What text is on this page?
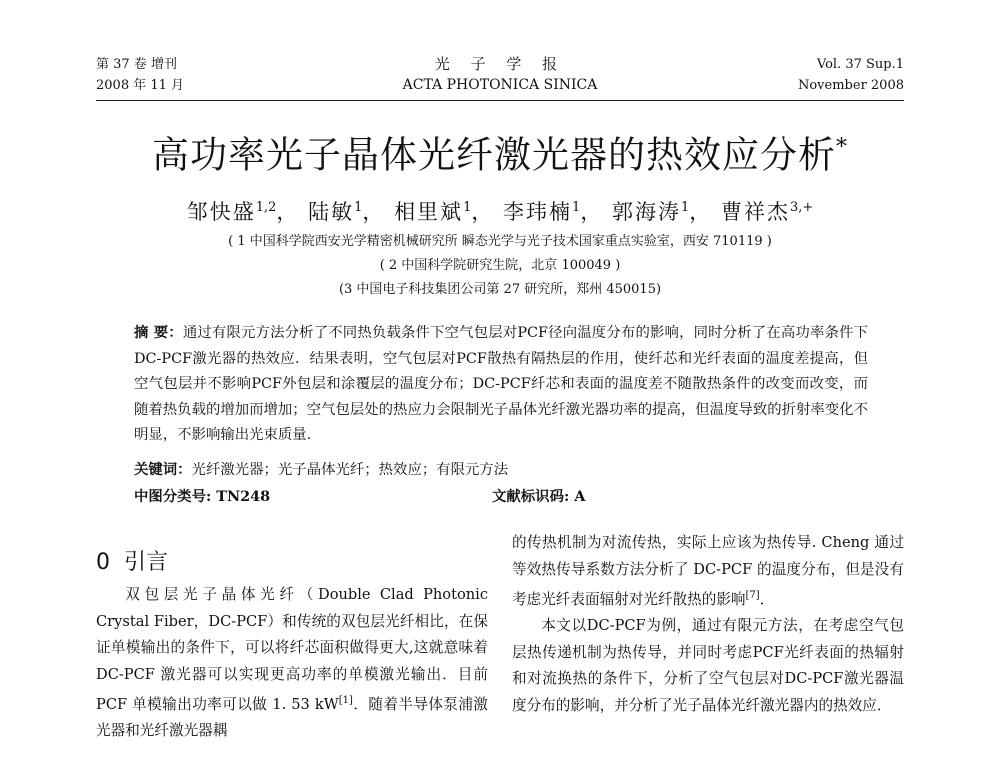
第 37 卷 增刊
2008 年 11 月
光 子 学 报
ACTA PHOTONICA SINICA
Vol. 37 Sup.1
November 2008
高功率光子晶体光纤激光器的热效应分析*
邹快盛$^{1,2}$， 陆敏$^1$， 相里斌$^1$， 李玮楠$^1$， 郭海涛$^1$， 曹祥杰$^{3,+}$
( 1 中国科学院西安光学精密机械研究所 瞬态光学与光子技术国家重点实验室，西安 710119 )
( 2 中国科学院研究生院，北京 100049 )
(3 中国电子科技集团公司第 27 研究所，郑州 450015)
摘 要：通过有限元方法分析了不同热负载条件下空气包层对PCF径向温度分布的影响，同时分析了在高功率条件下DC-PCF激光器的热效应．结果表明，空气包层对PCF散热有隔热层的作用，使纤芯和光纤表面的温度差提高，但空气包层并不影响PCF外包层和涂覆层的温度分布；DC-PCF纤芯和表面的温度差不随散热条件的改变而改变，而随着热负载的增加而增加；空气包层处的热应力会限制光子晶体光纤激光器功率的提高，但温度导致的折射率变化不明显，不影响输出光束质量．
关键词：光纤激光器；光子晶体光纤；热效应；有限元方法
中图分类号: TN248	文献标识码: A
0 引言

双包层光子晶体光纤（Double Clad Photonic Crystal Fiber，DC-PCF）和传统的双包层光纤相比，在保证单模输出的条件下，可以将纤芯面积做得更大,这就意味着 DC-PCF 激光器可以实现更高功率的单模激光输出．目前 PCF 单模输出功率可以做 1. 53 kW[1]．随着半导体泵浦激光器和光纤激光器耦

的传热机制为对流传热，实际上应该为热传导. Cheng 通过等效热传导系数方法分析了 DC-PCF 的温度分布，但是没有考虑光纤表面辐射对光纤散热的影响[7]．

本文以DC-PCF为例，通过有限元方法，在考虑空气包层热传递机制为热传导，并同时考虑PCF光纤表面的热辐射和对流换热的条件下，分析了空气包层对DC-PCF激光器温度分布的影响，并分析了光子晶体光纤激光器内的热效应．
